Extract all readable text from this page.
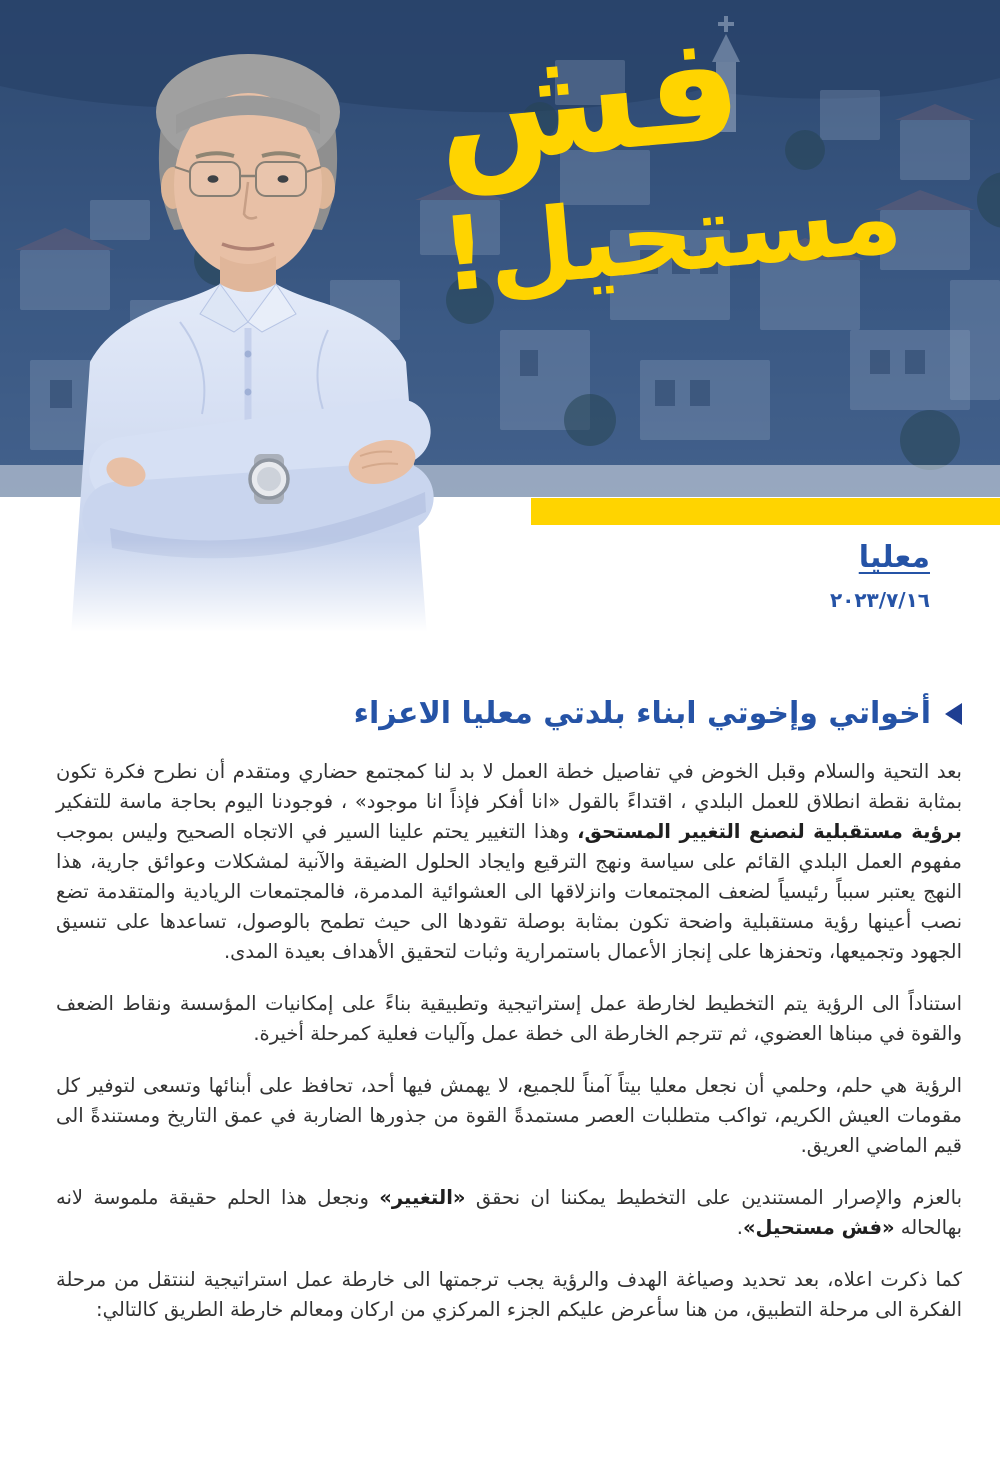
فش
مستحيل!
معليا
٢٠٢٣/٧/١٦
أخواتي وإخوتي ابناء بلدتي معليا الاعزاء

بعد التحية والسلام وقبل الخوض في تفاصيل خطة العمل لا بد لنا كمجتمع حضاري ومتقدم أن نطرح فكرة تكون بمثابة نقطة انطلاق للعمل البلدي ، اقتداءً بالقول «انا أفكر فإذاً انا موجود» ، فوجودنا اليوم بحاجة ماسة للتفكير برؤية مستقبلية لنصنع التغيير المستحق، وهذا التغيير يحتم علينا السير في الاتجاه الصحيح وليس بموجب مفهوم العمل البلدي القائم على سياسة ونهج الترقيع وايجاد الحلول الضيقة والآنية لمشكلات وعوائق جارية، هذا النهج يعتبر سبباً رئيسياً لضعف المجتمعات وانزلاقها الى العشوائية المدمرة، فالمجتمعات الريادية والمتقدمة تضع نصب أعينها رؤية مستقبلية واضحة تكون بمثابة بوصلة تقودها الى حيث تطمح بالوصول، تساعدها على تنسيق الجهود وتجميعها، وتحفزها على إنجاز الأعمال باستمرارية وثبات لتحقيق الأهداف بعيدة المدى.

استناداً الى الرؤية يتم التخطيط لخارطة عمل إستراتيجية وتطبيقية بناءً على إمكانيات المؤسسة ونقاط الضعف والقوة في مبناها العضوي، ثم تترجم الخارطة الى خطة عمل وآليات فعلية كمرحلة أخيرة.

الرؤية هي حلم، وحلمي أن نجعل معليا بيتاً آمناً للجميع، لا يهمش فيها أحد، تحافظ على أبنائها وتسعى لتوفير كل مقومات العيش الكريم، تواكب متطلبات العصر مستمدةً القوة من جذورها الضاربة في عمق التاريخ ومستندةً الى قيم الماضي العريق.

بالعزم والإصرار المستندين على التخطيط يمكننا ان نحقق «التغيير» ونجعل هذا الحلم حقيقة ملموسة لانه بهالحاله «فش مستحيل».

كما ذكرت اعلاه، بعد تحديد وصياغة الهدف والرؤية يجب ترجمتها الى خارطة عمل استراتيجية لننتقل من مرحلة الفكرة الى مرحلة التطبيق، من هنا سأعرض عليكم الجزء المركزي من اركان ومعالم خارطة الطريق كالتالي:
